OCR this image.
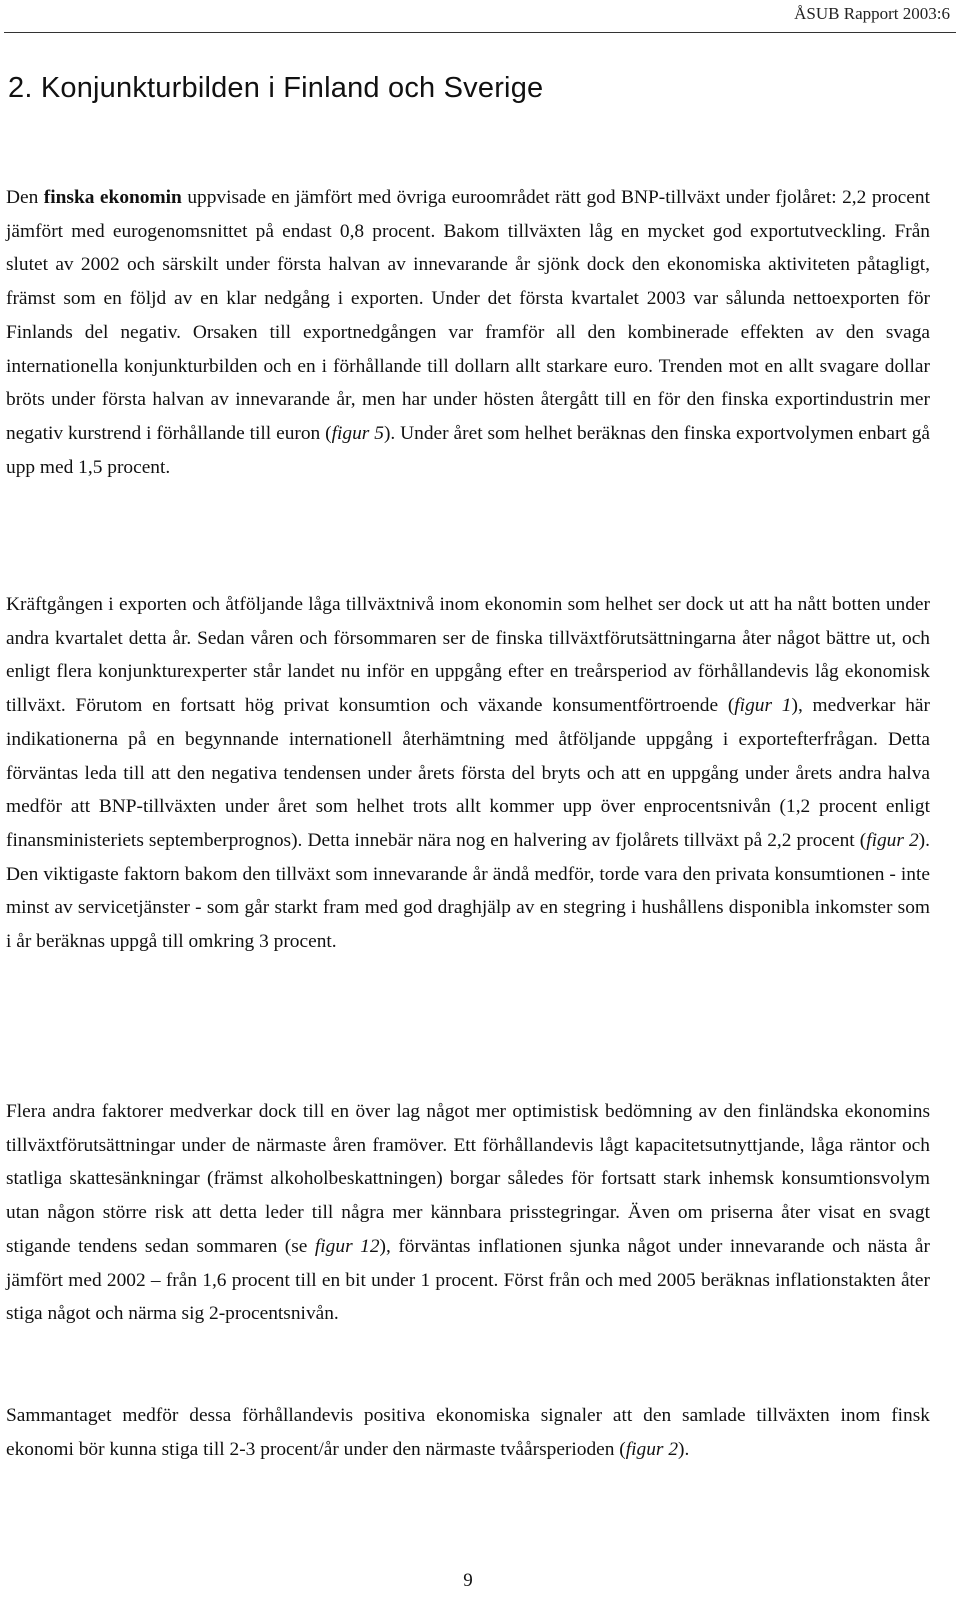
ÅSUB Rapport 2003:6
2. Konjunkturbilden i Finland och Sverige

Den finska ekonomin uppvisade en jämfört med övriga euroområdet rätt god BNP-tillväxt under fjolåret: 2,2 procent jämfört med eurogenomsnittet på endast 0,8 procent. Bakom tillväxten låg en mycket god exportutveckling. Från slutet av 2002 och särskilt under första halvan av innevarande år sjönk dock den ekonomiska aktiviteten påtagligt, främst som en följd av en klar nedgång i exporten. Under det första kvartalet 2003 var sålunda nettoexporten för Finlands del negativ. Orsaken till exportnedgången var framför all den kombinerade effekten av den svaga internationella konjunkturbilden och en i förhållande till dollarn allt starkare euro. Trenden mot en allt svagare dollar bröts under första halvan av innevarande år, men har under hösten återgått till en för den finska exportindustrin mer negativ kurstrend i förhållande till euron (figur 5). Under året som helhet beräknas den finska exportvolymen enbart gå upp med 1,5 procent.

Kräftgången i exporten och åtföljande låga tillväxtnivå inom ekonomin som helhet ser dock ut att ha nått botten under andra kvartalet detta år. Sedan våren och försommaren ser de finska tillväxtförutsättningarna åter något bättre ut, och enligt flera konjunkturexperter står landet nu inför en uppgång efter en treårsperiod av förhållandevis låg ekonomisk tillväxt. Förutom en fortsatt hög privat konsumtion och växande konsumentförtroende (figur 1), medverkar här indikationerna på en begynnande internationell återhämtning med åtföljande uppgång i exportefterfrågan. Detta förväntas leda till att den negativa tendensen under årets första del bryts och att en uppgång under årets andra halva medför att BNP-tillväxten under året som helhet trots allt kommer upp över enprocentsnivån (1,2 procent enligt finansministeriets septemberprognos). Detta innebär nära nog en halvering av fjolårets tillväxt på 2,2 procent (figur 2). Den viktigaste faktorn bakom den tillväxt som innevarande år ändå medför, torde vara den privata konsumtionen - inte minst av servicetjänster - som går starkt fram med god draghjälp av en stegring i hushållens disponibla inkomster som i år beräknas uppgå till omkring 3 procent.

Flera andra faktorer medverkar dock till en över lag något mer optimistisk bedömning av den finländska ekonomins tillväxtförutsättningar under de närmaste åren framöver. Ett förhållandevis lågt kapacitetsutnyttjande, låga räntor och statliga skattesänkningar (främst alkoholbeskattningen) borgar således för fortsatt stark inhemsk konsumtionsvolym utan någon större risk att detta leder till några mer kännbara prisstegringar. Även om priserna åter visat en svagt stigande tendens sedan sommaren (se figur 12), förväntas inflationen sjunka något under innevarande och nästa år jämfört med 2002 – från 1,6 procent till en bit under 1 procent. Först från och med 2005 beräknas inflationstakten åter stiga något och närma sig 2-procentsnivån.

Sammantaget medför dessa förhållandevis positiva ekonomiska signaler att den samlade tillväxten inom finsk ekonomi bör kunna stiga till 2-3 procent/år under den närmaste tvåårsperioden (figur 2).

9
